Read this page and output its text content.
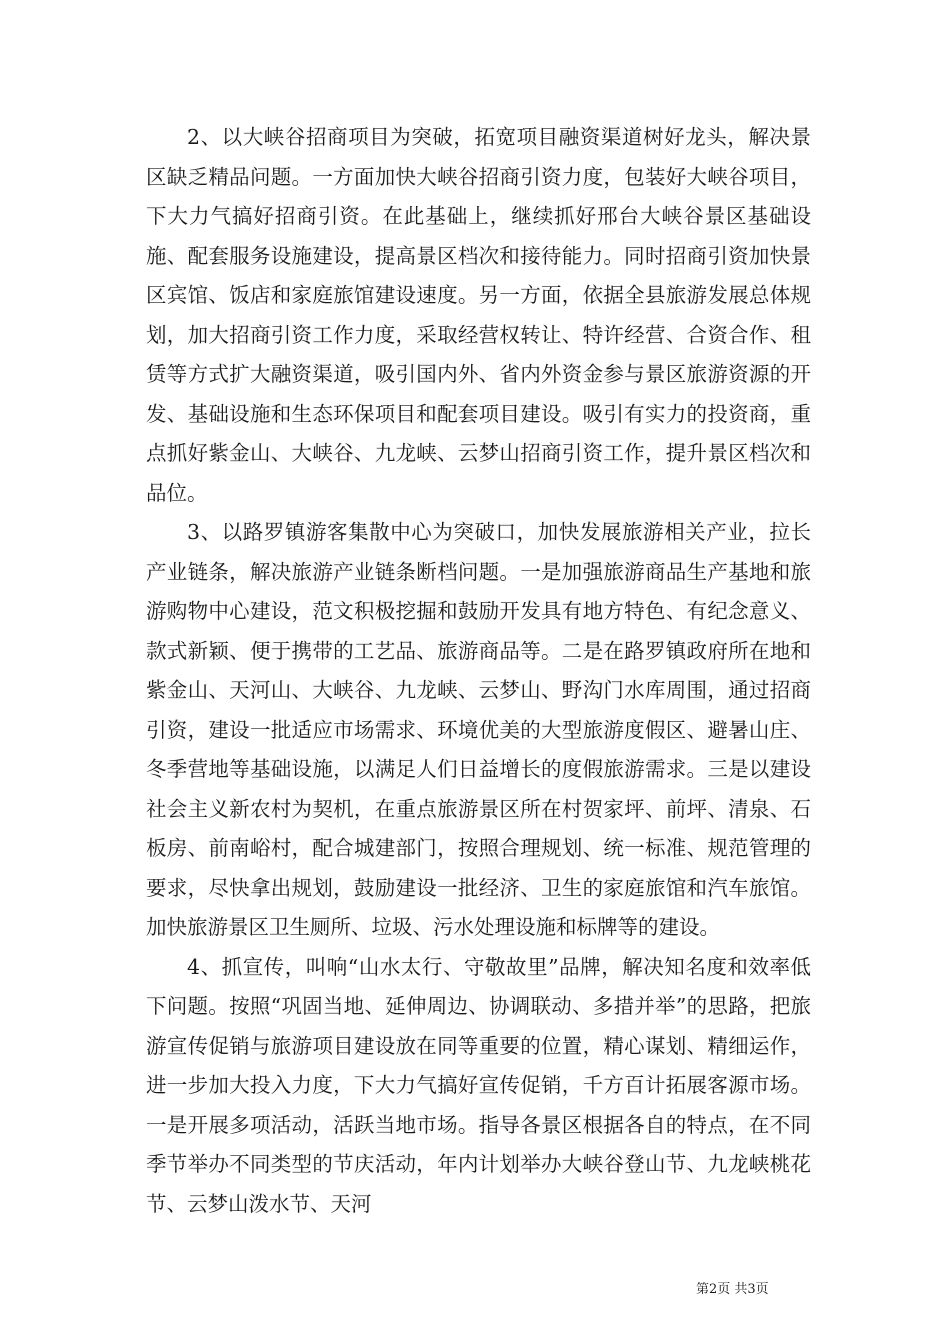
2、以大峡谷招商项目为突破，拓宽项目融资渠道树好龙头，解决景区缺乏精品问题。一方面加快大峡谷招商引资力度，包装好大峡谷项目，下大力气搞好招商引资。在此基础上，继续抓好邢台大峡谷景区基础设施、配套服务设施建设，提高景区档次和接待能力。同时招商引资加快景区宾馆、饭店和家庭旅馆建设速度。另一方面，依据全县旅游发展总体规划，加大招商引资工作力度，采取经营权转让、特许经营、合资合作、租赁等方式扩大融资渠道，吸引国内外、省内外资金参与景区旅游资源的开发、基础设施和生态环保项目和配套项目建设。吸引有实力的投资商，重点抓好紫金山、大峡谷、九龙峡、云梦山招商引资工作，提升景区档次和品位。

3、以路罗镇游客集散中心为突破口，加快发展旅游相关产业，拉长产业链条，解决旅游产业链条断档问题。一是加强旅游商品生产基地和旅游购物中心建设，范文积极挖掘和鼓励开发具有地方特色、有纪念意义、款式新颖、便于携带的工艺品、旅游商品等。二是在路罗镇政府所在地和紫金山、天河山、大峡谷、九龙峡、云梦山、野沟门水库周围，通过招商引资，建设一批适应市场需求、环境优美的大型旅游度假区、避暑山庄、冬季营地等基础设施，以满足人们日益增长的度假旅游需求。三是以建设社会主义新农村为契机，在重点旅游景区所在村贺家坪、前坪、清泉、石板房、前南峪村，配合城建部门，按照合理规划、统一标准、规范管理的要求，尽快拿出规划，鼓励建设一批经济、卫生的家庭旅馆和汽车旅馆。加快旅游景区卫生厕所、垃圾、污水处理设施和标牌等的建设。

4、抓宣传，叫响“山水太行、守敬故里”品牌，解决知名度和效率低下问题。按照“巩固当地、延伸周边、协调联动、多措并举”的思路，把旅游宣传促销与旅游项目建设放在同等重要的位置，精心谋划、精细运作，进一步加大投入力度，下大力气搞好宣传促销，千方百计拓展客源市场。一是开展多项活动，活跃当地市场。指导各景区根据各自的特点，在不同季节举办不同类型的节庆活动，年内计划举办大峡谷登山节、九龙峡桃花节、云梦山泼水节、天河

第2页 共3页
